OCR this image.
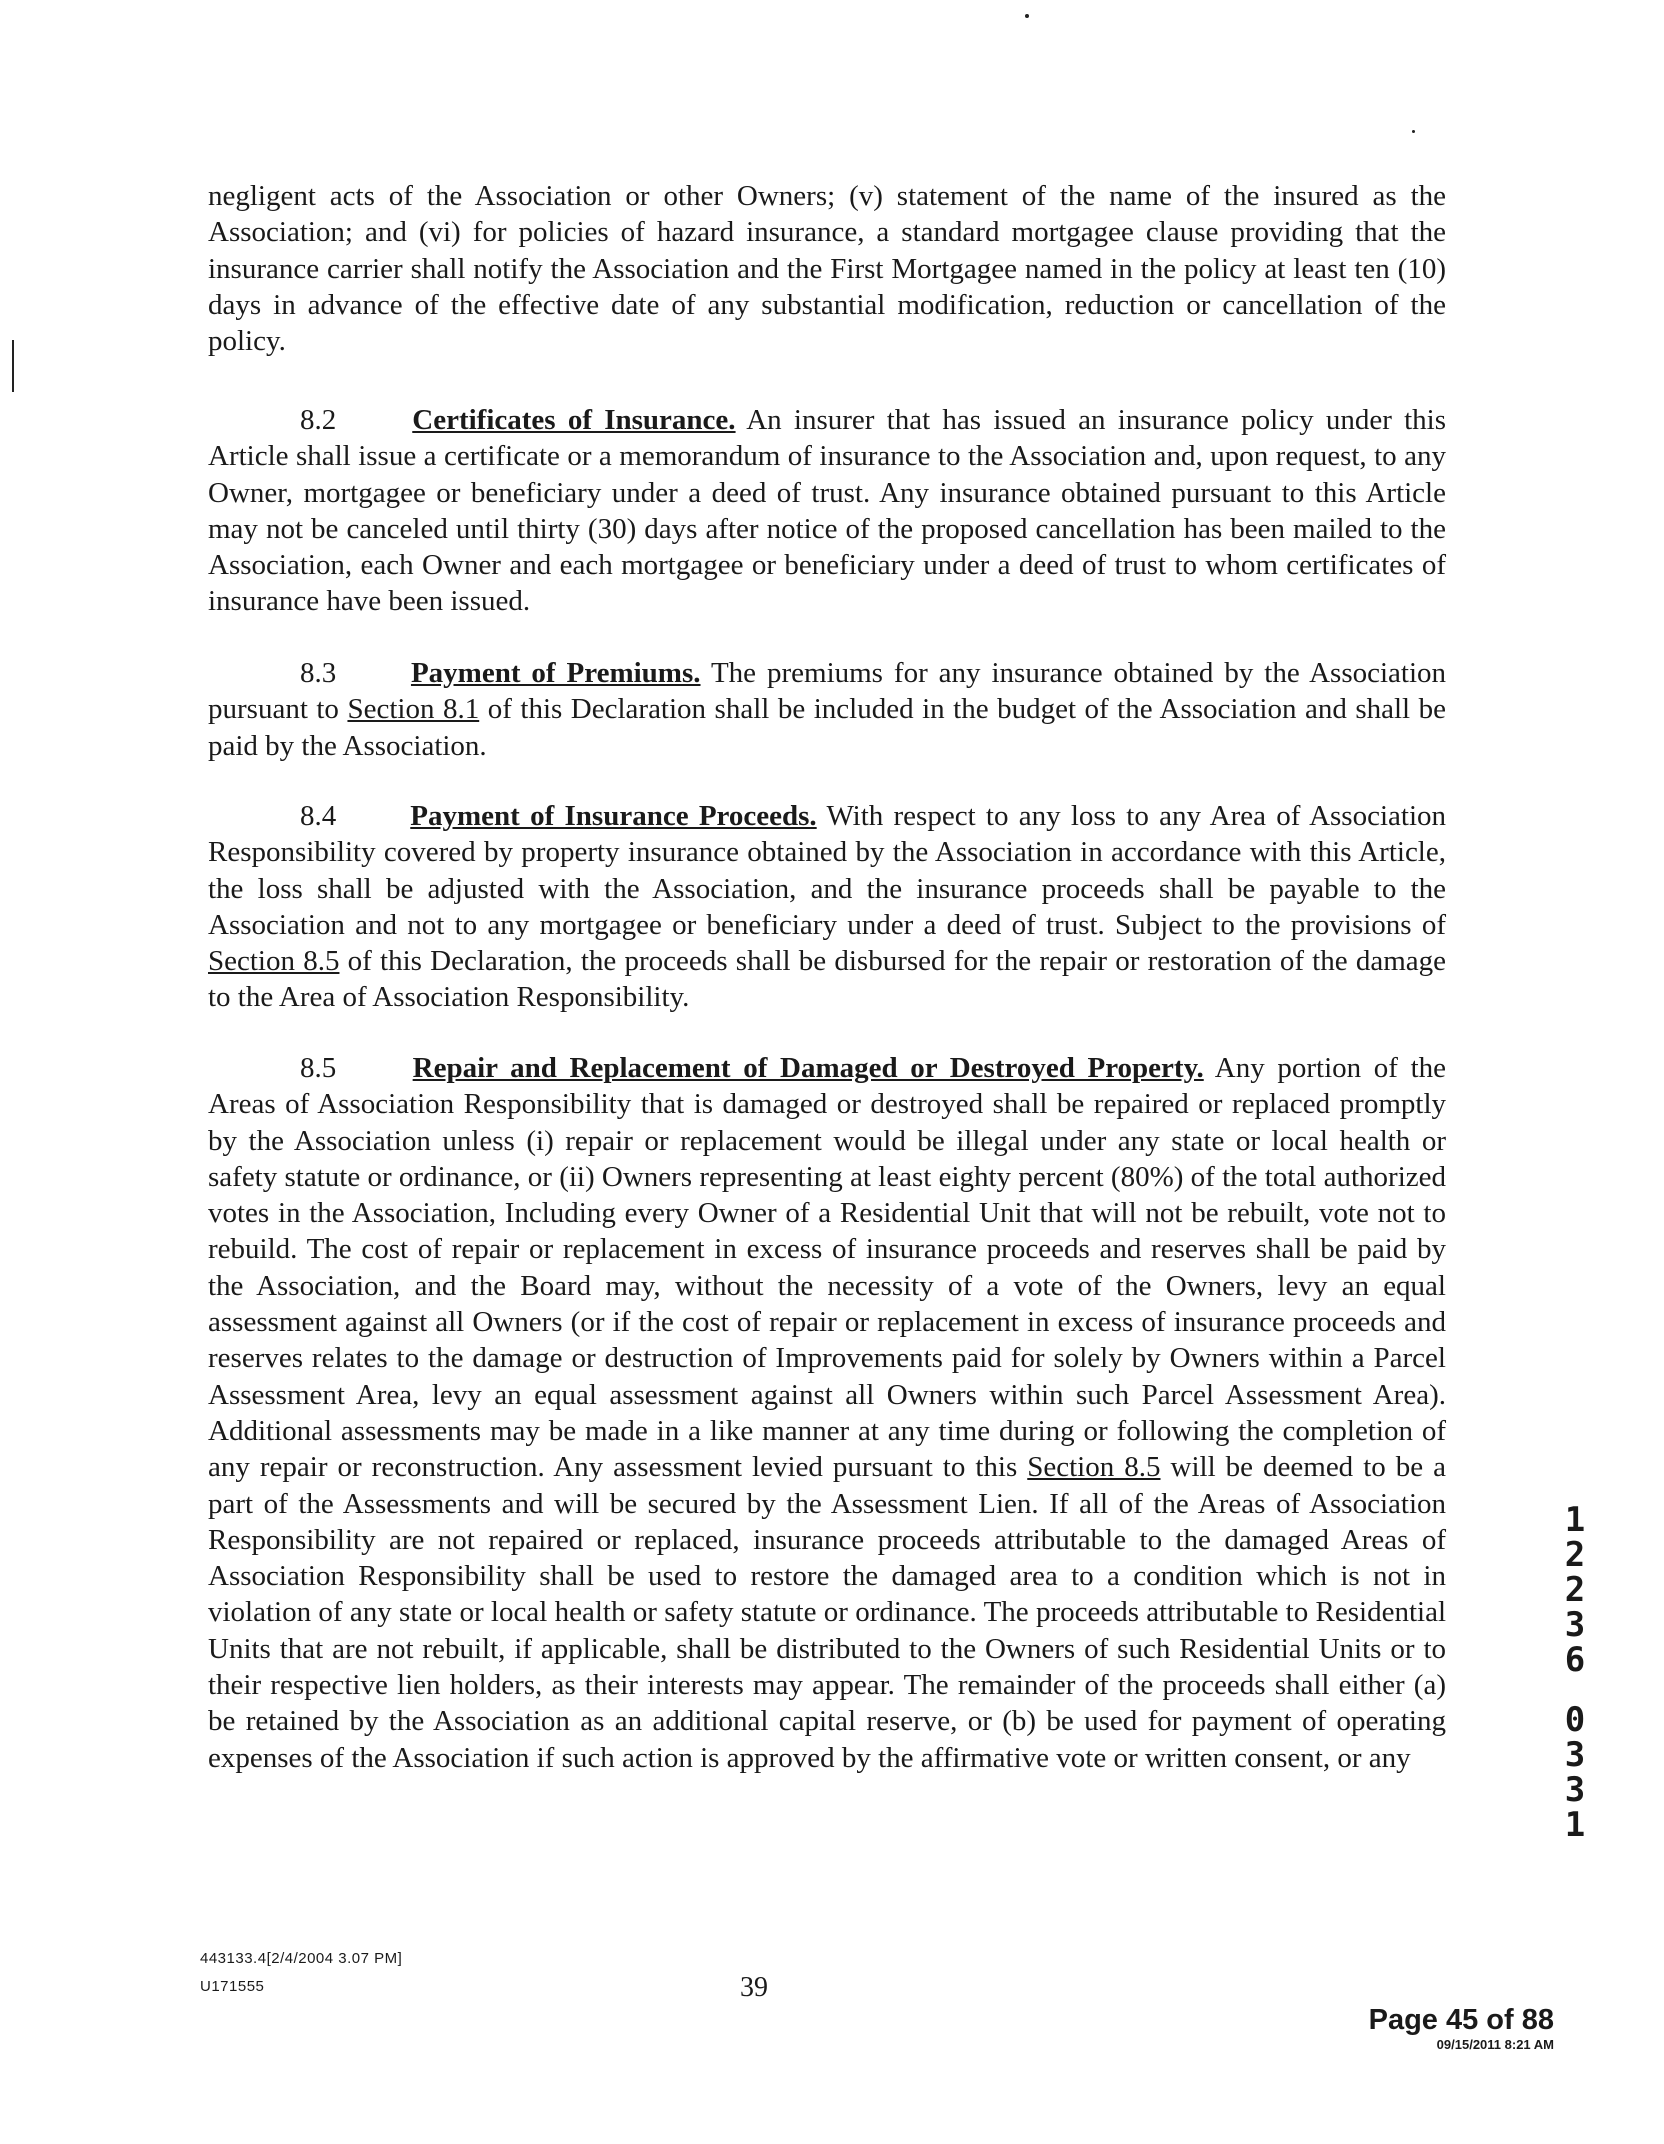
negligent acts of the Association or other Owners; (v) statement of the name of the insured as the Association; and (vi) for policies of hazard insurance, a standard mortgagee clause providing that the insurance carrier shall notify the Association and the First Mortgagee named in the policy at least ten (10) days in advance of the effective date of any substantial modification, reduction or cancellation of the policy.

8.2	Certificates of Insurance. An insurer that has issued an insurance policy under this Article shall issue a certificate or a memorandum of insurance to the Association and, upon request, to any Owner, mortgagee or beneficiary under a deed of trust. Any insurance obtained pursuant to this Article may not be canceled until thirty (30) days after notice of the proposed cancellation has been mailed to the Association, each Owner and each mortgagee or beneficiary under a deed of trust to whom certificates of insurance have been issued.

8.3	Payment of Premiums. The premiums for any insurance obtained by the Association pursuant to Section 8.1 of this Declaration shall be included in the budget of the Association and shall be paid by the Association.

8.4	Payment of Insurance Proceeds. With respect to any loss to any Area of Association Responsibility covered by property insurance obtained by the Association in accordance with this Article, the loss shall be adjusted with the Association, and the insurance proceeds shall be payable to the Association and not to any mortgagee or beneficiary under a deed of trust. Subject to the provisions of Section 8.5 of this Declaration, the proceeds shall be disbursed for the repair or restoration of the damage to the Area of Association Responsibility.

8.5	Repair and Replacement of Damaged or Destroyed Property. Any portion of the Areas of Association Responsibility that is damaged or destroyed shall be repaired or replaced promptly by the Association unless (i) repair or replacement would be illegal under any state or local health or safety statute or ordinance, or (ii) Owners representing at least eighty percent (80%) of the total authorized votes in the Association, Including every Owner of a Residential Unit that will not be rebuilt, vote not to rebuild. The cost of repair or replacement in excess of insurance proceeds and reserves shall be paid by the Association, and the Board may, without the necessity of a vote of the Owners, levy an equal assessment against all Owners (or if the cost of repair or replacement in excess of insurance proceeds and reserves relates to the damage or destruction of Improvements paid for solely by Owners within a Parcel Assessment Area, levy an equal assessment against all Owners within such Parcel Assessment Area). Additional assessments may be made in a like manner at any time during or following the completion of any repair or reconstruction. Any assessment levied pursuant to this Section 8.5 will be deemed to be a part of the Assessments and will be secured by the Assessment Lien. If all of the Areas of Association Responsibility are not repaired or replaced, insurance proceeds attributable to the damaged Areas of Association Responsibility shall be used to restore the damaged area to a condition which is not in violation of any state or local health or safety statute or ordinance. The proceeds attributable to Residential Units that are not rebuilt, if applicable, shall be distributed to the Owners of such Residential Units or to their respective lien holders, as their interests may appear. The remainder of the proceeds shall either (a) be retained by the Association as an additional capital reserve, or (b) be used for payment of operating expenses of the Association if such action is approved by the affirmative vote or written consent, or any

1
2
2
3
6
0
3
3
1
443133.4[2/4/2004 3.07 PM]
U171555	39
Page 45 of 88
09/15/2011 8:21 AM
